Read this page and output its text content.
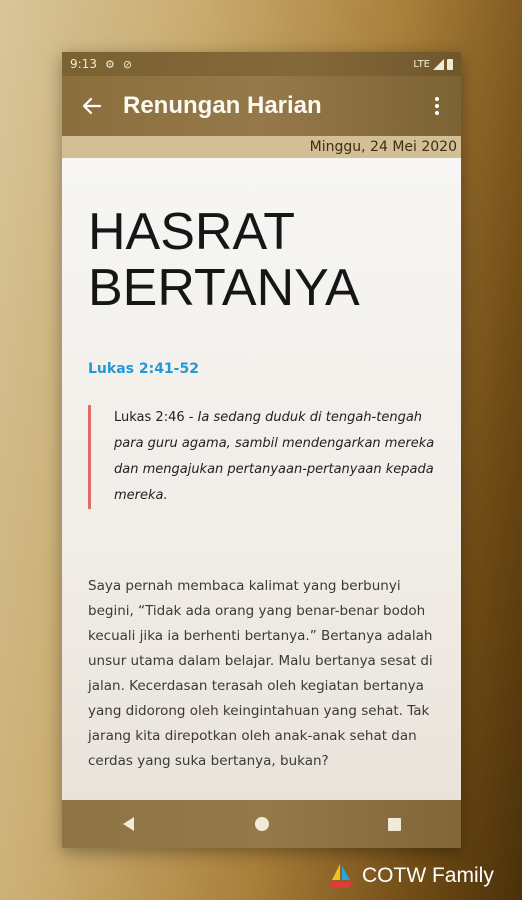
9:13 ⚙ ⊘	LTE
Renungan Harian
Minggu, 24 Mei 2020
HASRAT
BERTANYA
Lukas 2:41-52
Lukas 2:46 - Ia sedang duduk di tengah-tengah para guru agama, sambil mendengarkan mereka dan mengajukan pertanyaan-pertanyaan kepada mereka.

Saya pernah membaca kalimat yang berbunyi begini, “Tidak ada orang yang benar-benar bodoh kecuali jika ia berhenti bertanya.” Bertanya adalah unsur utama dalam belajar. Malu bertanya sesat di jalan. Kecerdasan terasah oleh kegiatan bertanya yang didorong oleh keingintahuan yang sehat. Tak jarang kita direpotkan oleh anak-anak sehat dan cerdas yang suka bertanya, bukan?

COTW Family
